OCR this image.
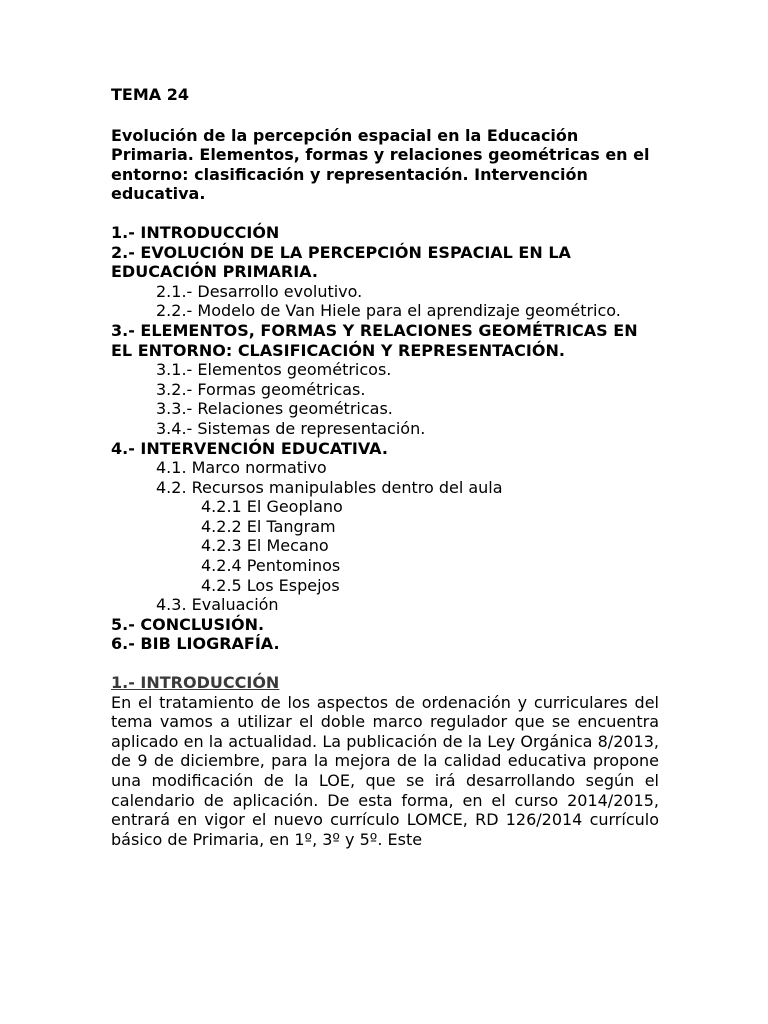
TEMA 24

Evolución de la percepción espacial en la Educación Primaria. Elementos, formas y relaciones geométricas en el entorno: clasificación y representación. Intervención educativa.

1.- INTRODUCCIÓN
2.- EVOLUCIÓN DE LA PERCEPCIÓN ESPACIAL EN LA EDUCACIÓN PRIMARIA.
2.1.- Desarrollo evolutivo.
2.2.- Modelo de Van Hiele para el aprendizaje geométrico.
3.- ELEMENTOS, FORMAS Y RELACIONES GEOMÉTRICAS EN EL ENTORNO: CLASIFICACIÓN Y REPRESENTACIÓN.
3.1.- Elementos geométricos.
3.2.- Formas geométricas.
3.3.- Relaciones geométricas.
3.4.- Sistemas de representación.
4.- INTERVENCIÓN EDUCATIVA.
4.1. Marco normativo
4.2. Recursos manipulables dentro del aula
4.2.1 El Geoplano
4.2.2 El Tangram
4.2.3 El Mecano
4.2.4 Pentominos
4.2.5 Los Espejos
4.3. Evaluación
5.- CONCLUSIÓN.
6.- BIB LIOGRAFÍA.

1.- INTRODUCCIÓN

En el tratamiento de los aspectos de ordenación y curriculares del tema vamos a utilizar el doble marco regulador que se encuentra aplicado en la actualidad. La publicación de la Ley Orgánica 8/2013, de 9 de diciembre, para la mejora de la calidad educativa propone una modificación de la LOE, que se irá desarrollando según el calendario de aplicación. De esta forma, en el curso 2014/2015, entrará en vigor el nuevo currículo LOMCE, RD 126/2014 currículo básico de Primaria, en 1º, 3º y 5º. Este
